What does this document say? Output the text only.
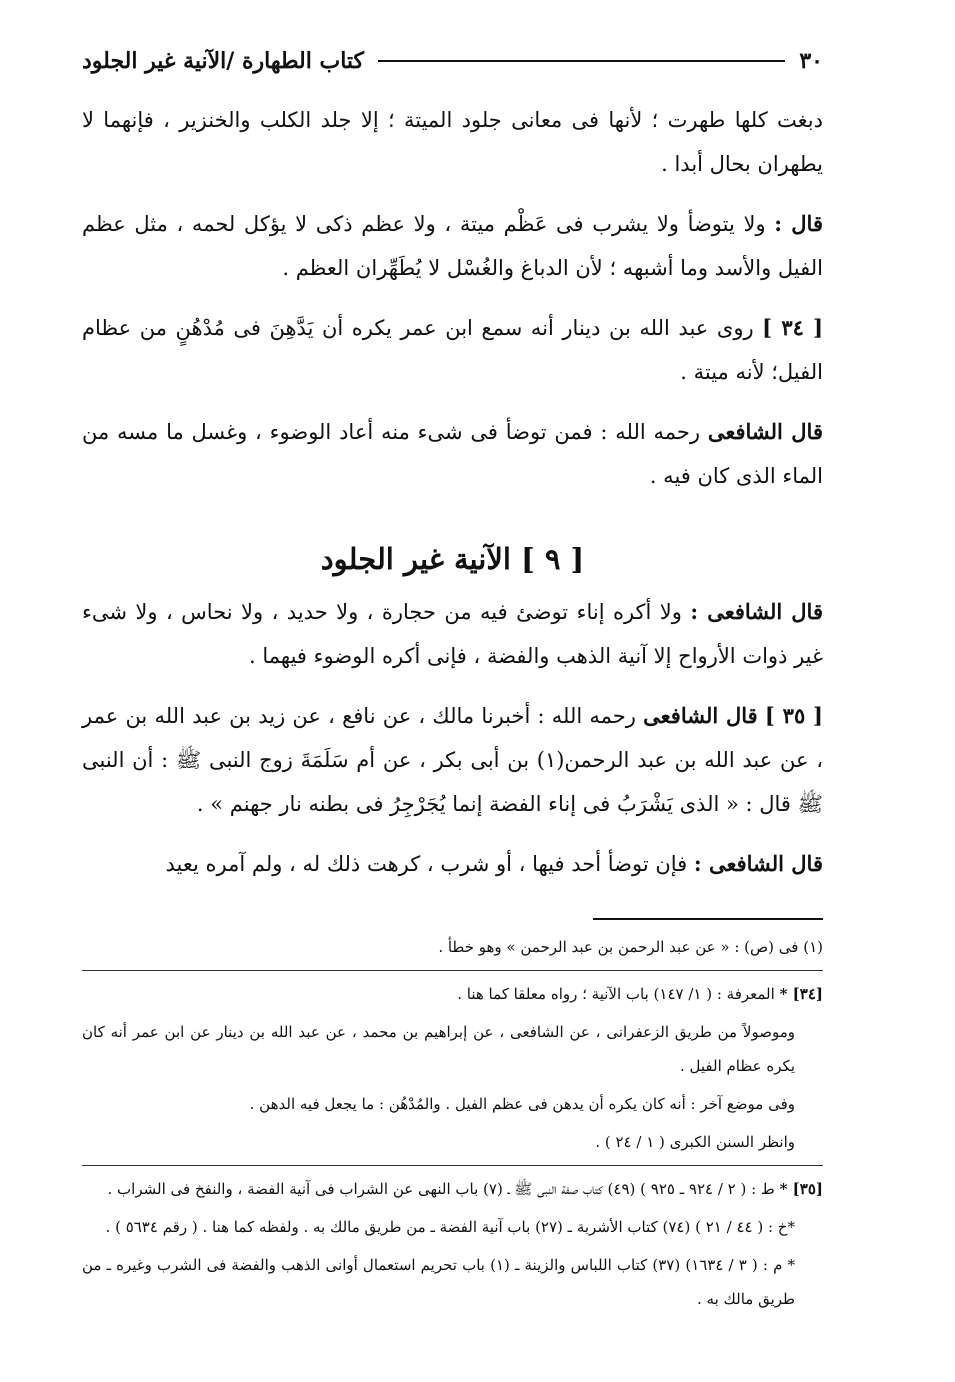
٣٠
كتاب الطهارة /الآنية غير الجلود

دبغت كلها طهرت ؛ لأنها فى معانى جلود الميتة ؛ إلا جلد الكلب والخنزير ، فإنهما لا يطهران بحال أبدا .

قال : ولا يتوضأ ولا يشرب فى عَظْم ميتة ، ولا عظم ذكى لا يؤكل لحمه ، مثل عظم الفيل والأسد وما أشبهه ؛ لأن الدباغ والغُسْل لا يُطَهِّران العظم .

[ ٣٤ ] روى عبد الله بن دينار أنه سمع ابن عمر يكره أن يَدَّهِنَ فى مُدْهُنٍ من عظام الفيل؛ لأنه ميتة .

قال الشافعى رحمه الله : فمن توضأ فى شىء منه أعاد الوضوء ، وغسل ما مسه من الماء الذى كان فيه .

[ ٩ ] الآنية غير الجلود

قال الشافعى : ولا أكره إناء توضئ فيه من حجارة ، ولا حديد ، ولا نحاس ، ولا شىء غير ذوات الأرواح إلا آنية الذهب والفضة ، فإنى أكره الوضوء فيهما .

[ ٣٥ ] قال الشافعى رحمه الله : أخبرنا مالك ، عن نافع ، عن زيد بن عبد الله بن عمر ، عن عبد الله بن عبد الرحمن(١) بن أبى بكر ، عن أم سَلَمَةَ زوج النبى ﷺ : أن النبى ﷺ قال : « الذى يَشْرَبُ فى إناء الفضة إنما يُجَرْجِرُ فى بطنه نار جهنم » .

قال الشافعى : فإن توضأ أحد فيها ، أو شرب ، كرهت ذلك له ، ولم آمره يعيد

(١) فى (ص) : « عن عبد الرحمن بن عبد الرحمن » وهو خطأ .

[٣٤] * المعرفة : ( ١/ ١٤٧) باب الآنية ؛ رواه معلقا كما هنا .

وموصولاً من طريق الزعفرانى ، عن الشافعى ، عن إبراهيم بن محمد ، عن عبد الله بن دينار عن ابن عمر أنه كان يكره عظام الفيل .

وفى موضع آخر : أنه كان يكره أن يدهن فى عظم الفيل . والمُدْهُن : ما يجعل فيه الدهن .

وانظر السنن الكبرى ( ١ / ٢٤ ) .

[٣٥] * ط : ( ٢ / ٩٢٤ ـ ٩٢٥ ) (٤٩) كتاب صفة النبى ﷺ ـ (٧) باب النهى عن الشراب فى آنية الفضة ، والنفخ فى الشراب .

*خ : ( ٤٤ / ٢١ ) (٧٤) كتاب الأشربة ـ (٢٧) باب آنية الفضة ـ من طريق مالك به . ولفظه كما هنا . ( رقم ٥٦٣٤ ) .

* م : ( ٣ / ١٦٣٤) (٣٧) كتاب اللباس والزينة ـ (١) باب تحريم استعمال أوانى الذهب والفضة فى الشرب وغيره ـ من طريق مالك به .
